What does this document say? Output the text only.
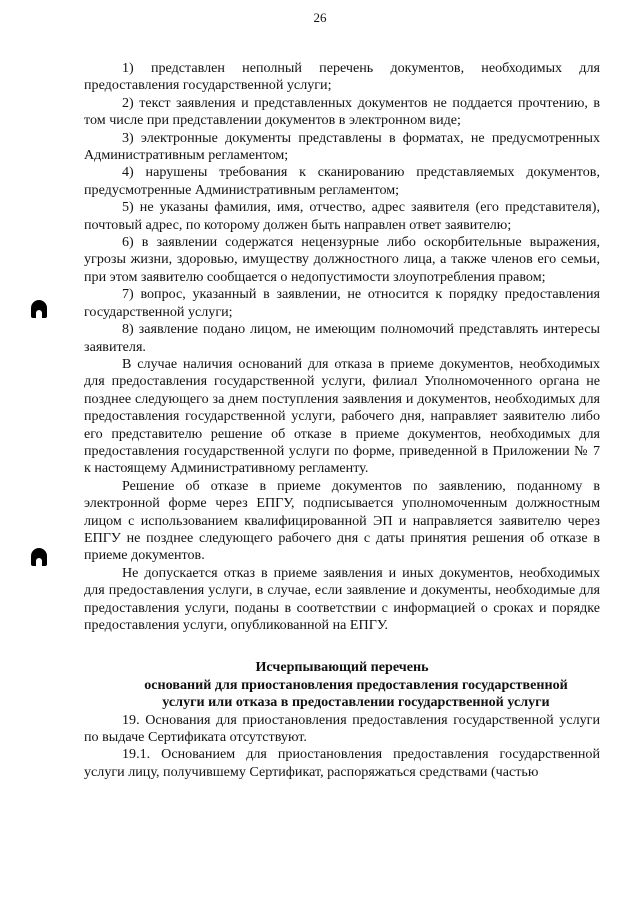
26

1) представлен неполный перечень документов, необходимых для предоставления государственной услуги;

2) текст заявления и представленных документов не поддается прочтению, в том числе при представлении документов в электронном виде;

3) электронные документы представлены в форматах, не предусмотренных Административным регламентом;

4) нарушены требования к сканированию представляемых документов, предусмотренные Административным регламентом;

5) не указаны фамилия, имя, отчество, адрес заявителя (его представителя), почтовый адрес, по которому должен быть направлен ответ заявителю;

6) в заявлении содержатся нецензурные либо оскорбительные выражения, угрозы жизни, здоровью, имуществу должностного лица, а также членов его семьи, при этом заявителю сообщается о недопустимости злоупотребления правом;

7) вопрос, указанный в заявлении, не относится к порядку предоставления государственной услуги;

8) заявление подано лицом, не имеющим полномочий представлять интересы заявителя.

В случае наличия оснований для отказа в приеме документов, необходимых для предоставления государственной услуги, филиал Уполномоченного органа не позднее следующего за днем поступления заявления и документов, необходимых для предоставления государственной услуги, рабочего дня, направляет заявителю либо его представителю решение об отказе в приеме документов, необходимых для предоставления государственной услуги по форме, приведенной в Приложении № 7 к настоящему Административному регламенту.

Решение об отказе в приеме документов по заявлению, поданному в электронной форме через ЕПГУ, подписывается уполномоченным должностным лицом с использованием квалифицированной ЭП и направляется заявителю через ЕПГУ не позднее следующего рабочего дня с даты принятия решения об отказе в приеме документов.

Не допускается отказ в приеме заявления и иных документов, необходимых для предоставления услуги, в случае, если заявление и документы, необходимые для предоставления услуги, поданы в соответствии с информацией о сроках и порядке предоставления услуги, опубликованной на ЕПГУ.

Исчерпывающий перечень
оснований для приостановления предоставления государственной услуги или отказа в предоставлении государственной услуги

19. Основания для приостановления предоставления государственной услуги по выдаче Сертификата отсутствуют.

19.1. Основанием для приостановления предоставления государственной услуги лицу, получившему Сертификат, распоряжаться средствами (частью
